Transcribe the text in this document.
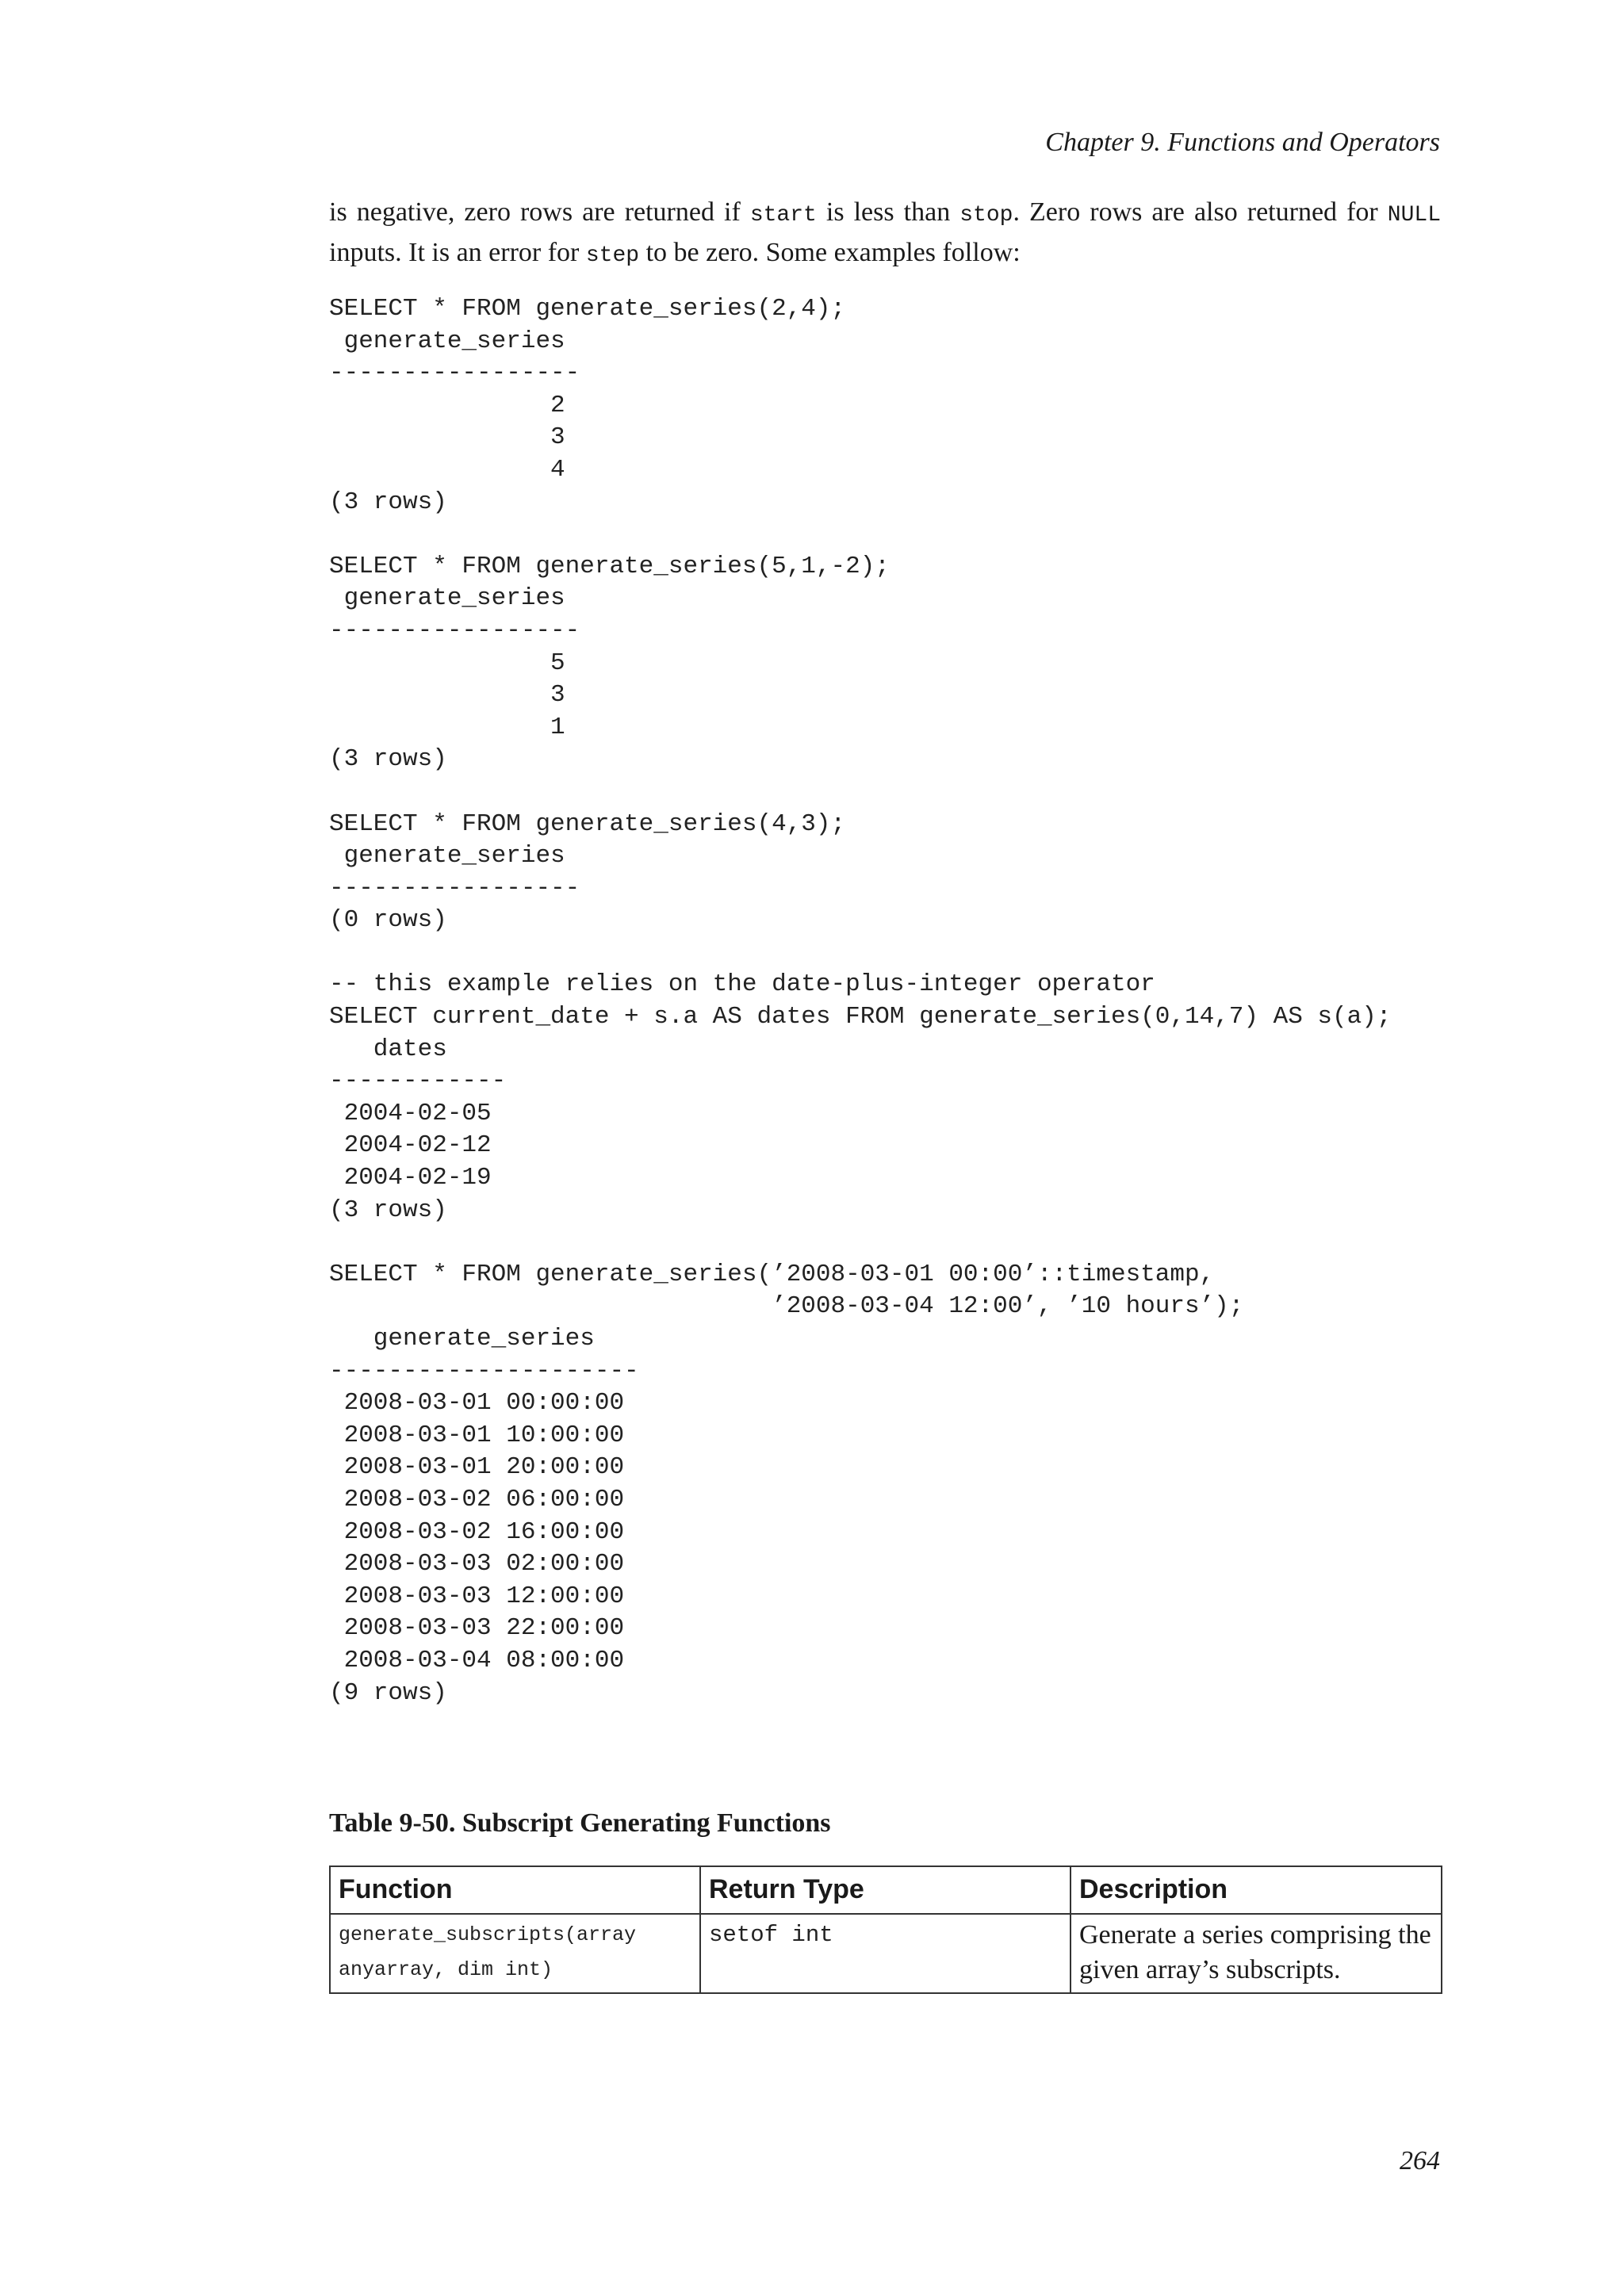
Chapter 9. Functions and Operators

is negative, zero rows are returned if start is less than stop. Zero rows are also returned for NULL inputs. It is an error for step to be zero. Some examples follow:

SELECT * FROM generate_series(2,4);
generate_series
-----------------
2
3
4
(3 rows)

SELECT * FROM generate_series(5,1,-2);
generate_series
-----------------
5
3
1
(3 rows)

SELECT * FROM generate_series(4,3);
generate_series
-----------------
(0 rows)

-- this example relies on the date-plus-integer operator
SELECT current_date + s.a AS dates FROM generate_series(0,14,7) AS s(a);
dates
------------
2004-02-05
2004-02-12
2004-02-19
(3 rows)

SELECT * FROM generate_series(’2008-03-01 00:00’::timestamp,
’2008-03-04 12:00’, ’10 hours’);
generate_series
---------------------
2008-03-01 00:00:00
2008-03-01 10:00:00
2008-03-01 20:00:00
2008-03-02 06:00:00
2008-03-02 16:00:00
2008-03-03 02:00:00
2008-03-03 12:00:00
2008-03-03 22:00:00
2008-03-04 08:00:00
(9 rows)
Table 9-50. Subscript Generating Functions
Function	Return Type	Description
generate_subscripts(array anyarray, dim int)	setof int	Generate a series comprising the given array’s subscripts.
264
